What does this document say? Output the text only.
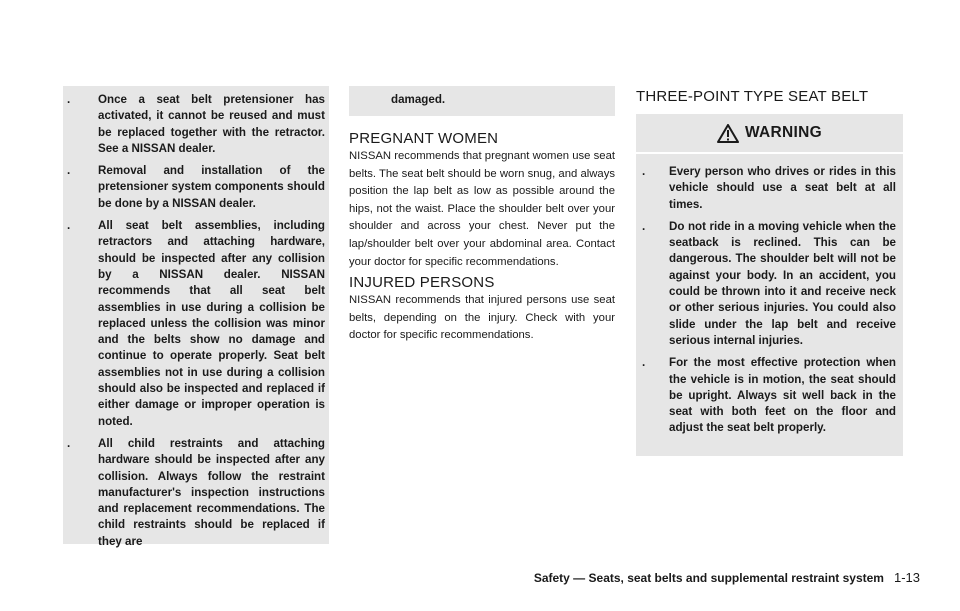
. Once a seat belt pretensioner has activated, it cannot be reused and must be replaced together with the retractor. See a NISSAN dealer.
. Removal and installation of the pretensioner system components should be done by a NISSAN dealer.
. All seat belt assemblies, including retractors and attaching hardware, should be inspected after any collision by a NISSAN dealer. NISSAN recommends that all seat belt assemblies in use during a collision be replaced unless the collision was minor and the belts show no damage and continue to operate properly. Seat belt assemblies not in use during a collision should also be inspected and replaced if either damage or improper operation is noted.
. All child restraints and attaching hardware should be inspected after any collision. Always follow the restraint manufacturer's inspection instructions and replacement recommendations. The child restraints should be replaced if they are
damaged.
PREGNANT WOMEN

NISSAN recommends that pregnant women use seat belts. The seat belt should be worn snug, and always position the lap belt as low as possible around the hips, not the waist. Place the shoulder belt over your shoulder and across your chest. Never put the lap/shoulder belt over your abdominal area. Contact your doctor for specific recommendations.

INJURED PERSONS

NISSAN recommends that injured persons use seat belts, depending on the injury. Check with your doctor for specific recommendations.

THREE-POINT TYPE SEAT BELT
WARNING
. Every person who drives or rides in this vehicle should use a seat belt at all times.
. Do not ride in a moving vehicle when the seatback is reclined. This can be dangerous. The shoulder belt will not be against your body. In an accident, you could be thrown into it and receive neck or other serious injuries. You could also slide under the lap belt and receive serious internal injuries.
. For the most effective protection when the vehicle is in motion, the seat should be upright. Always sit well back in the seat with both feet on the floor and adjust the seat belt properly.
Safety — Seats, seat belts and supplemental restraint system 1-13
